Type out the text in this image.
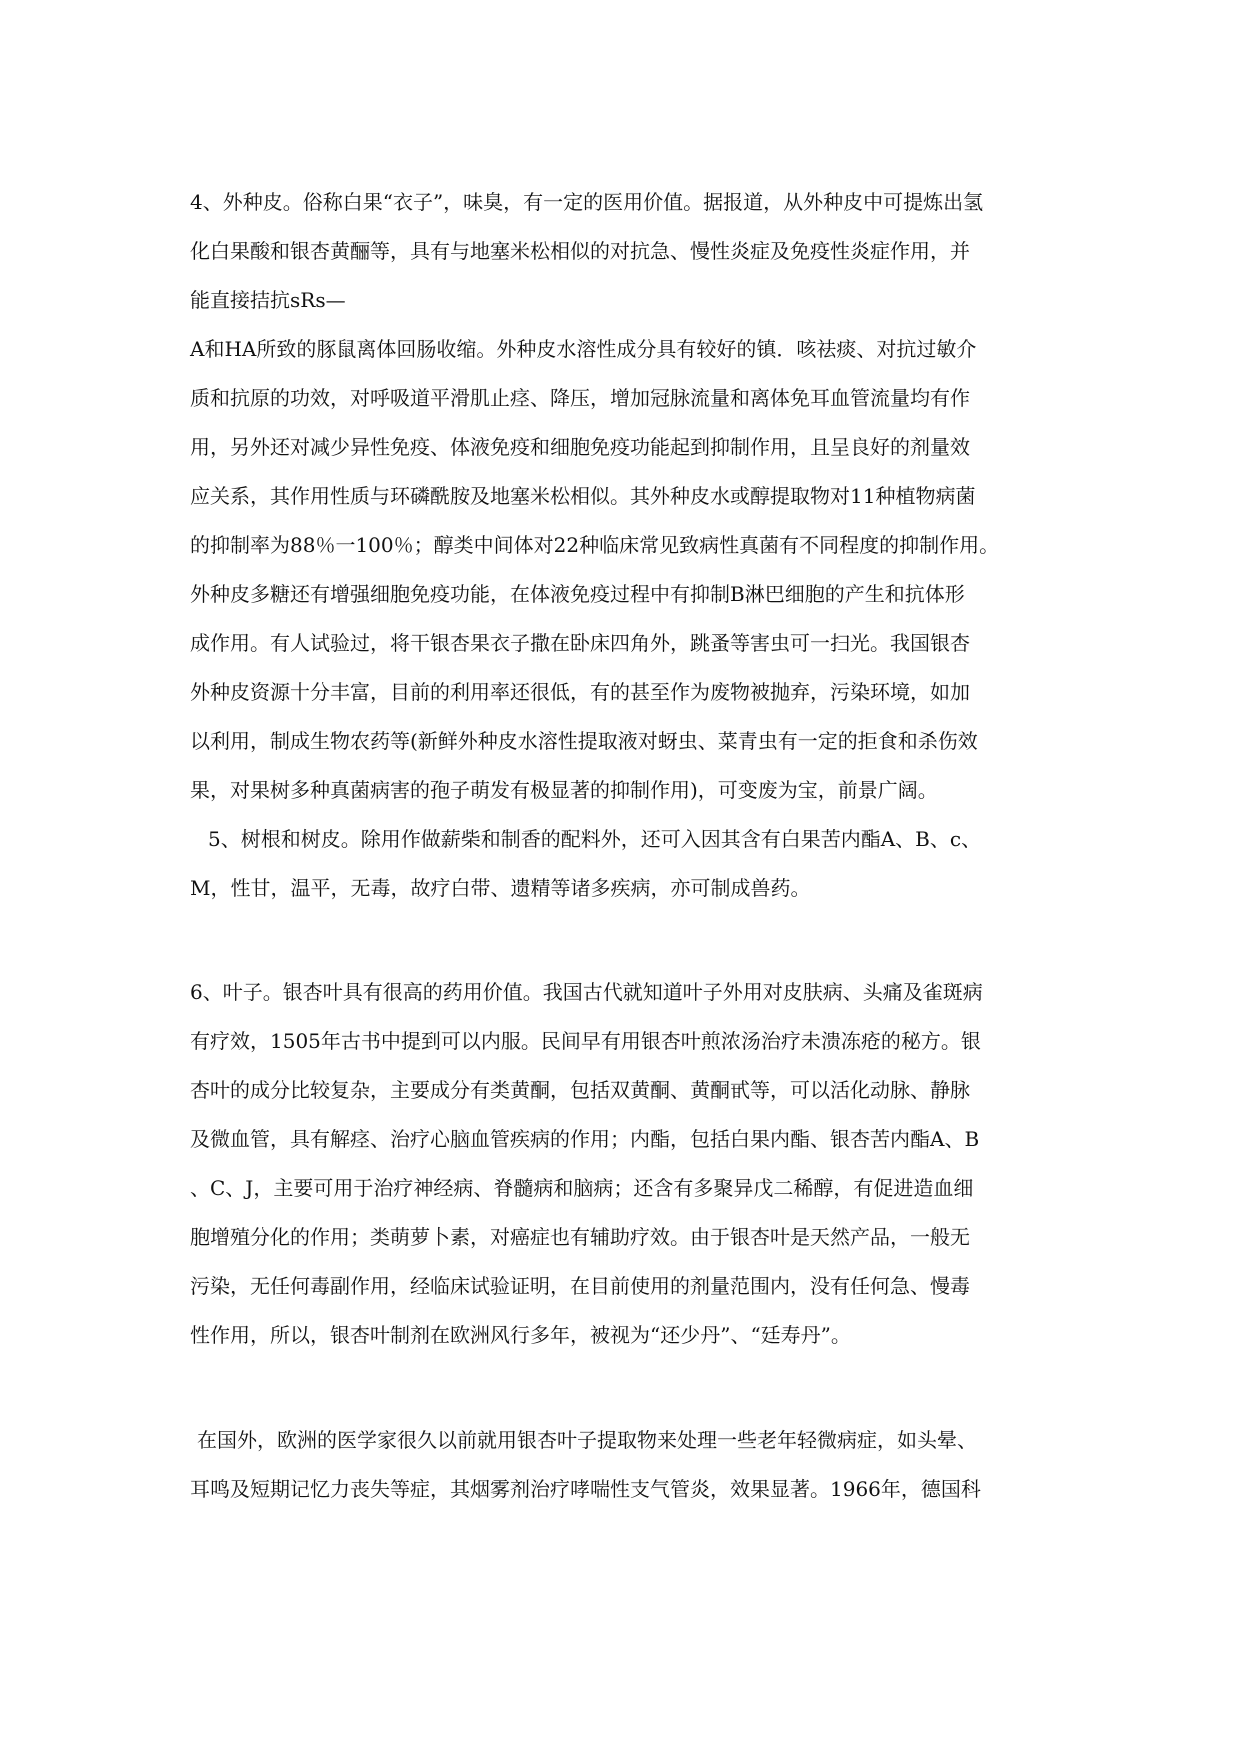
4、外种皮。俗称白果“衣子”，味臭，有一定的医用价值。据报道，从外种皮中可提炼出氢
化白果酸和银杏黄酾等，具有与地塞米松相似的对抗急、慢性炎症及免疫性炎症作用，并
能直接拮抗sRs—
A和HA所致的豚鼠离体回肠收缩。外种皮水溶性成分具有较好的镇．咳祛痰、对抗过敏介
质和抗原的功效，对呼吸道平滑肌止痉、降压，增加冠脉流量和离体免耳血管流量均有作
用，另外还对减少异性免疫、体液免疫和细胞免疫功能起到抑制作用，且呈良好的剂量效
应关系，其作用性质与环磷酰胺及地塞米松相似。其外种皮水或醇提取物对11种植物病菌
的抑制率为88％一100％；醇类中间体对22种临床常见致病性真菌有不同程度的抑制作用。
外种皮多糖还有增强细胞免疫功能，在体液免疫过程中有抑制B淋巴细胞的产生和抗体形
成作用。有人试验过，将干银杏果衣子撒在卧床四角外，跳蚤等害虫可一扫光。我国银杏
外种皮资源十分丰富，目前的利用率还很低，有的甚至作为废物被抛弃，污染环境，如加
以利用，制成生物农药等(新鲜外种皮水溶性提取液对蚜虫、菜青虫有一定的拒食和杀伤效
果，对果树多种真菌病害的孢子萌发有极显著的抑制作用)，可变废为宝，前景广阔。
5、树根和树皮。除用作做薪柴和制香的配料外，还可入因其含有白果苦内酯A、B、c、
M，性甘，温平，无毒，故疗白带、遗精等诸多疾病，亦可制成兽药。
6、叶子。银杏叶具有很高的药用价值。我国古代就知道叶子外用对皮肤病、头痛及雀斑病
有疗效，1505年古书中提到可以内服。民间早有用银杏叶煎浓汤治疗未溃冻疮的秘方。银
杏叶的成分比较复杂，主要成分有类黄酮，包括双黄酮、黄酮甙等，可以活化动脉、静脉
及微血管，具有解痉、治疗心脑血管疾病的作用；内酯，包括白果内酯、银杏苦内酯A、B
、C、J，主要可用于治疗神经病、脊髓病和脑病；还含有多聚异戊二稀醇，有促进造血细
胞增殖分化的作用；类萌萝卜素，对癌症也有辅助疗效。由于银杏叶是天然产品，一般无
污染，无任何毒副作用，经临床试验证明，在目前使用的剂量范围内，没有任何急、慢毒
性作用，所以，银杏叶制剂在欧洲风行多年，被视为“还少丹”、“廷寿丹”。
在国外，欧洲的医学家很久以前就用银杏叶子提取物来处理一些老年轻微病症，如头晕、
耳鸣及短期记忆力丧失等症，其烟雾剂治疗哮喘性支气管炎，效果显著。1966年，德国科
